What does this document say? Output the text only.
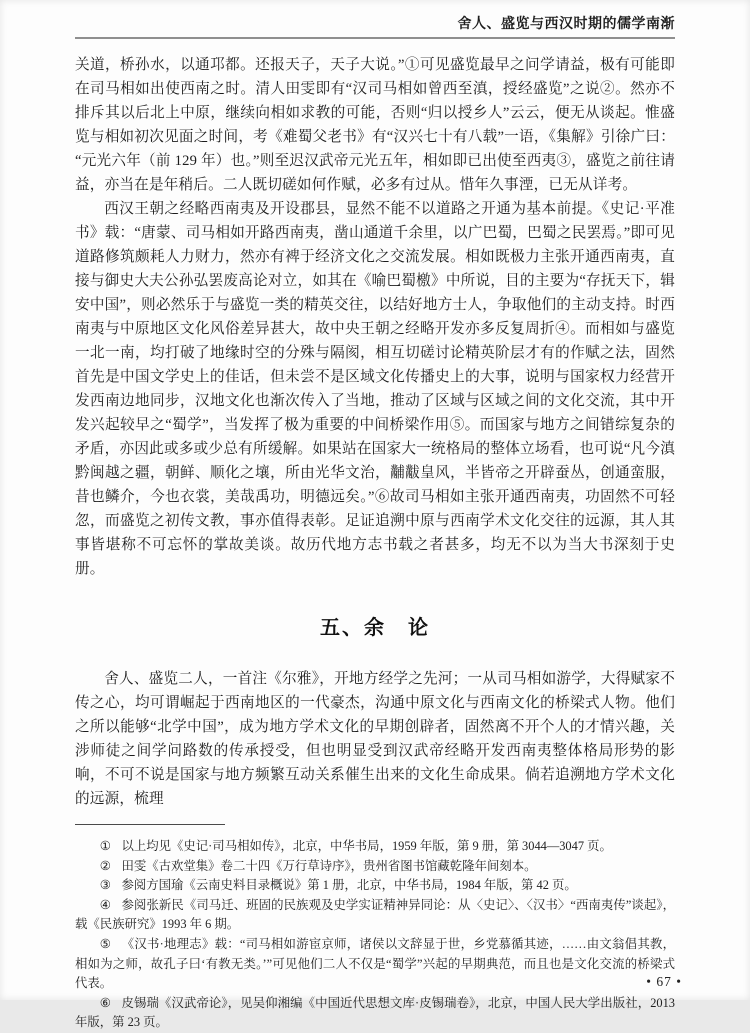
舍人、盛览与西汉时期的儒学南渐

关道，桥孙水，以通邛都。还报天子，天子大说。”①可见盛览最早之问学请益，极有可能即在司马相如出使西南之时。清人田雯即有“汉司马相如曾西至滇，授经盛览”之说②。然亦不排斥其以后北上中原，继续向相如求教的可能，否则“归以授乡人”云云，便无从谈起。惟盛览与相如初次见面之时间，考《难蜀父老书》有“汉兴七十有八载”一语，《集解》引徐广曰：“元光六年（前 129 年）也。”则至迟汉武帝元光五年，相如即已出使至西夷③，盛览之前往请益，亦当在是年稍后。二人既切磋如何作赋，必多有过从。惜年久事湮，已无从详考。

西汉王朝之经略西南夷及开设郡县，显然不能不以道路之开通为基本前提。《史记·平准书》载：“唐蒙、司马相如开路西南夷，凿山通道千余里，以广巴蜀，巴蜀之民罢焉。”即可见道路修筑颇耗人力财力，然亦有裨于经济文化之交流发展。相如既极力主张开通西南夷，直接与御史大夫公孙弘罢废高论对立，如其在《喻巴蜀檄》中所说，目的主要为“存抚天下，辑安中国”，则必然乐于与盛览一类的精英交往，以结好地方士人，争取他们的主动支持。时西南夷与中原地区文化风俗差异甚大，故中央王朝之经略开发亦多反复周折④。而相如与盛览一北一南，均打破了地缘时空的分殊与隔阂，相互切磋讨论精英阶层才有的作赋之法，固然首先是中国文学史上的佳话，但未尝不是区域文化传播史上的大事，说明与国家权力经营开发西南边地同步，汉地文化也渐次传入了当地，推动了区域与区域之间的文化交流，其中开发兴起较早之“蜀学”，当发挥了极为重要的中间桥梁作用⑤。而国家与地方之间错综复杂的矛盾，亦因此或多或少总有所缓解。如果站在国家大一统格局的整体立场看，也可说“凡今滇黔闽越之疆，朝鲜、顺化之壤，所由光华文治，黼黻皇风，半皆帝之开辟蚕丛，创通蛮服，昔也鳞介，今也衣裳，美哉禹功，明德远矣。”⑥故司马相如主张开通西南夷，功固然不可轻忽，而盛览之初传文教，事亦值得表彰。足证追溯中原与西南学术文化交往的远源，其人其事皆堪称不可忘怀的掌故美谈。故历代地方志书载之者甚多，均无不以为当大书深刻于史册。

五、余　论

舍人、盛览二人，一首注《尔雅》，开地方经学之先河；一从司马相如游学，大得赋家不传之心，均可谓崛起于西南地区的一代豪杰，沟通中原文化与西南文化的桥梁式人物。他们之所以能够“北学中国”，成为地方学术文化的早期创辟者，固然离不开个人的才情兴趣，关涉师徒之间学问路数的传承授受，但也明显受到汉武帝经略开发西南夷整体格局形势的影响，不可不说是国家与地方频繁互动关系催生出来的文化生命成果。倘若追溯地方学术文化的远源，梳理

① 以上均见《史记·司马相如传》，北京，中华书局，1959 年版，第 9 册，第 3044—3047 页。

② 田雯《古欢堂集》卷二十四《万行草诗序》，贵州省图书馆藏乾隆年间刻本。

③ 参阅方国瑜《云南史料目录概说》第 1 册，北京，中华书局，1984 年版，第 42 页。

④ 参阅张新民《司马迁、班固的民族观及史学实证精神异同论：从〈史记〉、〈汉书〉“西南夷传”谈起》，载《民族研究》1993 年 6 期。

⑤ 《汉书·地理志》载：“司马相如游宦京师，诸侯以文辞显于世，乡党慕循其迹，……由文翁倡其教，相如为之师，故孔子曰‘有教无类。’”可见他们二人不仅是“蜀学”兴起的早期典范，而且也是文化交流的桥梁式代表。

⑥ 皮锡瑞《汉武帝论》，见吴仰湘编《中国近代思想文库·皮锡瑞卷》，北京，中国人民大学出版社，2013 年版，第 23 页。

• 67 •
